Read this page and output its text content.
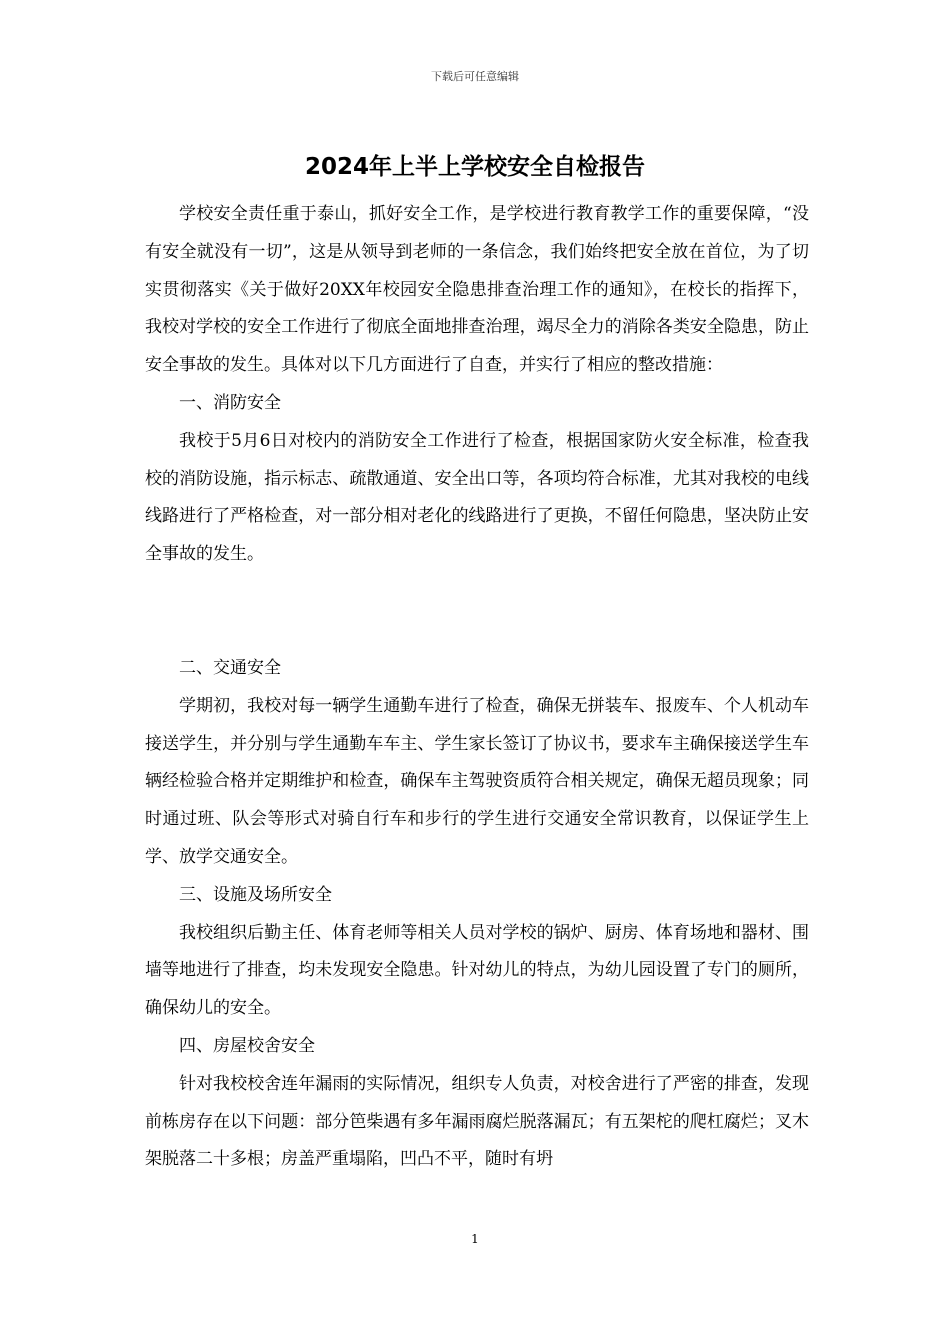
下载后可任意编辑
2024年上半上学校安全自检报告

学校安全责任重于泰山，抓好安全工作，是学校进行教育教学工作的重要保障，“没有安全就没有一切”，这是从领导到老师的一条信念，我们始终把安全放在首位，为了切实贯彻落实《关于做好20XX年校园安全隐患排查治理工作的通知》，在校长的指挥下，我校对学校的安全工作进行了彻底全面地排查治理，竭尽全力的消除各类安全隐患，防止安全事故的发生。具体对以下几方面进行了自查，并实行了相应的整改措施：

一、消防安全

我校于5月6日对校内的消防安全工作进行了检查，根据国家防火安全标准，检查我校的消防设施，指示标志、疏散通道、安全出口等，各项均符合标准，尤其对我校的电线线路进行了严格检查，对一部分相对老化的线路进行了更换，不留任何隐患，坚决防止安全事故的发生。

二、交通安全

学期初，我校对每一辆学生通勤车进行了检查，确保无拼装车、报废车、个人机动车接送学生，并分别与学生通勤车车主、学生家长签订了协议书，要求车主确保接送学生车辆经检验合格并定期维护和检查，确保车主驾驶资质符合相关规定，确保无超员现象；同时通过班、队会等形式对骑自行车和步行的学生进行交通安全常识教育，以保证学生上学、放学交通安全。

三、设施及场所安全

我校组织后勤主任、体育老师等相关人员对学校的锅炉、厨房、体育场地和器材、围墙等地进行了排查，均未发现安全隐患。针对幼儿的特点，为幼儿园设置了专门的厕所，确保幼儿的安全。

四、房屋校舍安全

针对我校校舍连年漏雨的实际情况，组织专人负责，对校舍进行了严密的排查，发现前栋房存在以下问题：部分笆柴遇有多年漏雨腐烂脱落漏瓦；有五架柁的爬杠腐烂；叉木架脱落二十多根；房盖严重塌陷，凹凸不平，随时有坍

1
